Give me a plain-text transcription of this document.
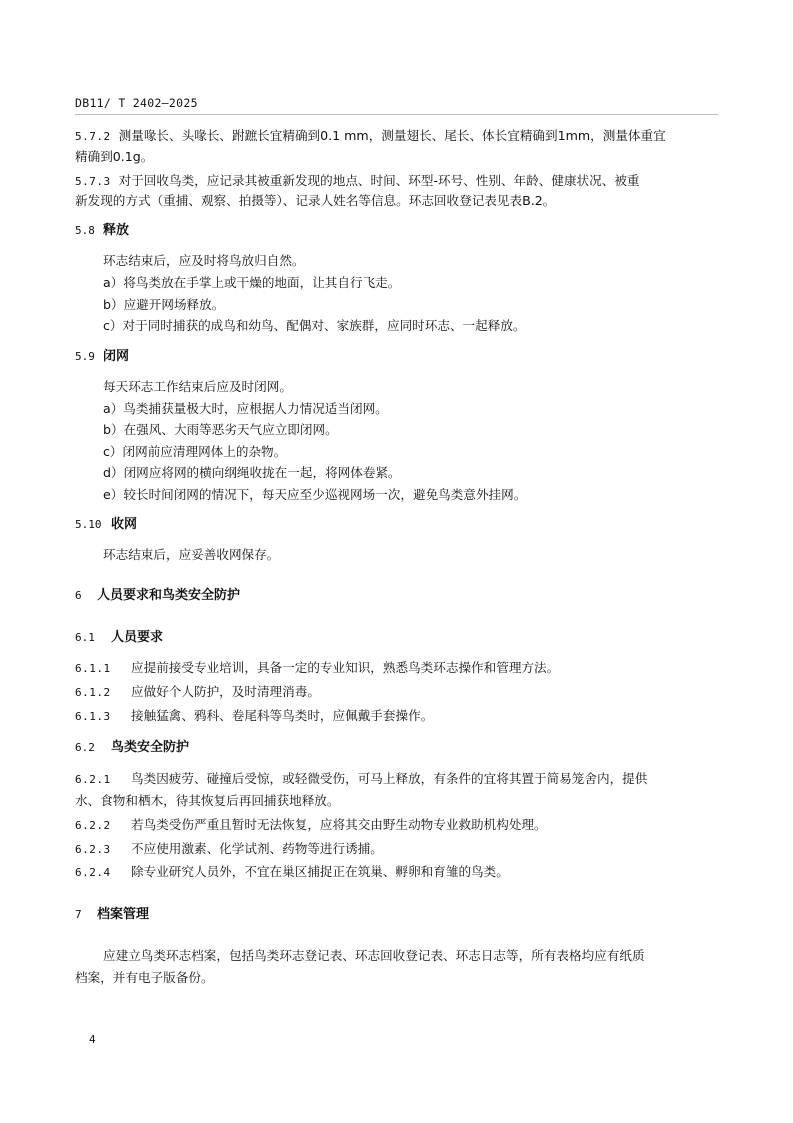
DB11/ T 2402—2025
5.7.2 测量喙长、头喙长、跗蹠长宜精确到0.1 mm，测量翅长、尾长、体长宜精确到1mm，测量体重宜
精确到0.1g。
5.7.3 对于回收鸟类，应记录其被重新发现的地点、时间、环型-环号、性别、年龄、健康状况、被重
新发现的方式（重捕、观察、拍摄等）、记录人姓名等信息。环志回收登记表见表B.2。
5.8 释放
环志结束后，应及时将鸟放归自然。
a）将鸟类放在手掌上或干燥的地面，让其自行飞走。
b）应避开网场释放。
c）对于同时捕获的成鸟和幼鸟、配偶对、家族群，应同时环志、一起释放。
5.9 闭网
每天环志工作结束后应及时闭网。
a）鸟类捕获量极大时，应根据人力情况适当闭网。
b）在强风、大雨等恶劣天气应立即闭网。
c）闭网前应清理网体上的杂物。
d）闭网应将网的横向纲绳收拢在一起，将网体卷紧。
e）较长时间闭网的情况下，每天应至少巡视网场一次，避免鸟类意外挂网。
5.10 收网
环志结束后，应妥善收网保存。
6 人员要求和鸟类安全防护
6.1 人员要求
6.1.1 应提前接受专业培训，具备一定的专业知识，熟悉鸟类环志操作和管理方法。
6.1.2 应做好个人防护，及时清理消毒。
6.1.3 接触猛禽、鸦科、卷尾科等鸟类时，应佩戴手套操作。
6.2 鸟类安全防护
6.2.1 鸟类因疲劳、碰撞后受惊，或轻微受伤，可马上释放，有条件的宜将其置于简易笼舍内，提供
水、食物和栖木，待其恢复后再回捕获地释放。
6.2.2 若鸟类受伤严重且暂时无法恢复，应将其交由野生动物专业救助机构处理。
6.2.3 不应使用激素、化学试剂、药物等进行诱捕。
6.2.4 除专业研究人员外，不宜在巢区捕捉正在筑巢、孵卵和育雏的鸟类。
7 档案管理
应建立鸟类环志档案，包括鸟类环志登记表、环志回收登记表、环志日志等，所有表格均应有纸质
档案，并有电子版备份。
4
